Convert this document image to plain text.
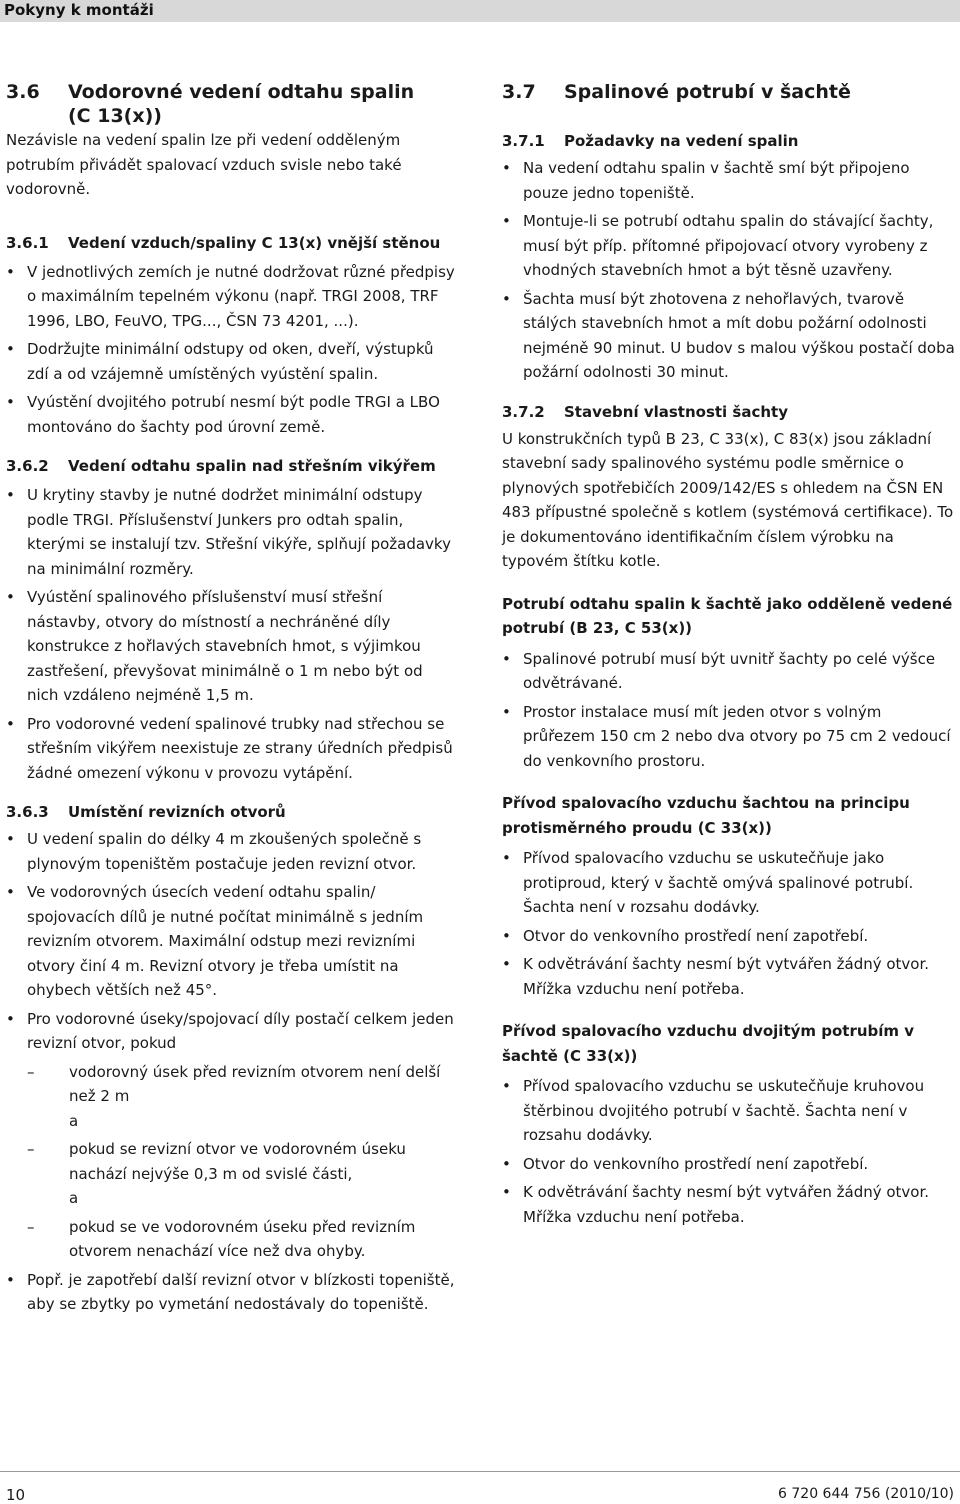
Pokyny k montáži
3.6	Vodorovné vedení odtahu spalin
(C 13(x))

Nezávisle na vedení spalin lze při vedení odděleným potrubím přivádět spalovací vzduch svisle nebo také vodorovně.

3.6.1	Vedení vzduch/spaliny C 13(x) vnější stěnou
• V jednotlivých zemích je nutné dodržovat různé předpisy o maximálním tepelném výkonu (např. TRGI 2008, TRF 1996, LBO, FeuVO, TPG..., ČSN 73 4201, ...).
• Dodržujte minimální odstupy od oken, dveří, výstupků zdí a od vzájemně umístěných vyústění spalin.
• Vyústění dvojitého potrubí nesmí být podle TRGI a LBO montováno do šachty pod úrovní země.
3.6.2	Vedení odtahu spalin nad střešním vikýřem
• U krytiny stavby je nutné dodržet minimální odstupy podle TRGI. Příslušenství Junkers pro odtah spalin, kterými se instalují tzv. Střešní vikýře, splňují požadavky na minimální rozměry.
• Vyústění spalinového příslušenství musí střešní nástavby, otvory do místností a nechráněné díly konstrukce z hořlavých stavebních hmot, s výjimkou zastřešení, převyšovat minimálně o 1 m nebo být od nich vzdáleno nejméně 1,5 m.
• Pro vodorovné vedení spalinové trubky nad střechou se střešním vikýřem neexistuje ze strany úředních předpisů žádné omezení výkonu v provozu vytápění.
3.6.3	Umístění revizních otvorů
• U vedení spalin do délky 4 m zkoušených společně s plynovým topeništěm postačuje jeden revizní otvor.
• Ve vodorovných úsecích vedení odtahu spalin/ spojovacích dílů je nutné počítat minimálně s jedním revizním otvorem. Maximální odstup mezi revizními otvory činí 4 m. Revizní otvory je třeba umístit na ohybech větších než 45°.
• Pro vodorovné úseky/spojovací díly postačí celkem jeden revizní otvor, pokud
– vodorovný úsek před revizním otvorem není delší než 2 m
a
– pokud se revizní otvor ve vodorovném úseku nachází nejvýše 0,3 m od svislé části,
a
– pokud se ve vodorovném úseku před revizním otvorem nenachází více než dva ohyby.
• Popř. je zapotřebí další revizní otvor v blízkosti topeniště, aby se zbytky po vymetání nedostávaly do topeniště.
3.7	Spalinové potrubí v šachtě
3.7.1	Požadavky na vedení spalin
• Na vedení odtahu spalin v šachtě smí být připojeno pouze jedno topeniště.
• Montuje-li se potrubí odtahu spalin do stávající šachty, musí být příp. přítomné připojovací otvory vyrobeny z vhodných stavebních hmot a být těsně uzavřeny.
• Šachta musí být zhotovena z nehořlavých, tvarově stálých stavebních hmot a mít dobu požární odolnosti nejméně 90 minut. U budov s malou výškou postačí doba požární odolnosti 30 minut.
3.7.2	Stavební vlastnosti šachty

U konstrukčních typů B 23, C 33(x), C 83(x) jsou základní stavební sady spalinového systému podle směrnice o plynových spotřebičích 2009/142/ES s ohledem na ČSN EN 483 přípustné společně s kotlem (systémová certifikace). To je dokumentováno identifikačním číslem výrobku na typovém štítku kotle.

Potrubí odtahu spalin k šachtě jako odděleně vedené potrubí (B 23, C 53(x))
• Spalinové potrubí musí být uvnitř šachty po celé výšce odvětrávané.
• Prostor instalace musí mít jeden otvor s volným průřezem 150 cm 2 nebo dva otvory po 75 cm 2 vedoucí do venkovního prostoru.
Přívod spalovacího vzduchu šachtou na principu protisměrného proudu (C 33(x))
• Přívod spalovacího vzduchu se uskutečňuje jako protiproud, který v šachtě omývá spalinové potrubí. Šachta není v rozsahu dodávky.
• Otvor do venkovního prostředí není zapotřebí.
• K odvětrávání šachty nesmí být vytvářen žádný otvor. Mřížka vzduchu není potřeba.
Přívod spalovacího vzduchu dvojitým potrubím v šachtě (C 33(x))
• Přívod spalovacího vzduchu se uskutečňuje kruhovou štěrbinou dvojitého potrubí v šachtě. Šachta není v rozsahu dodávky.
• Otvor do venkovního prostředí není zapotřebí.
• K odvětrávání šachty nesmí být vytvářen žádný otvor. Mřížka vzduchu není potřeba.
10	6 720 644 756 (2010/10)
